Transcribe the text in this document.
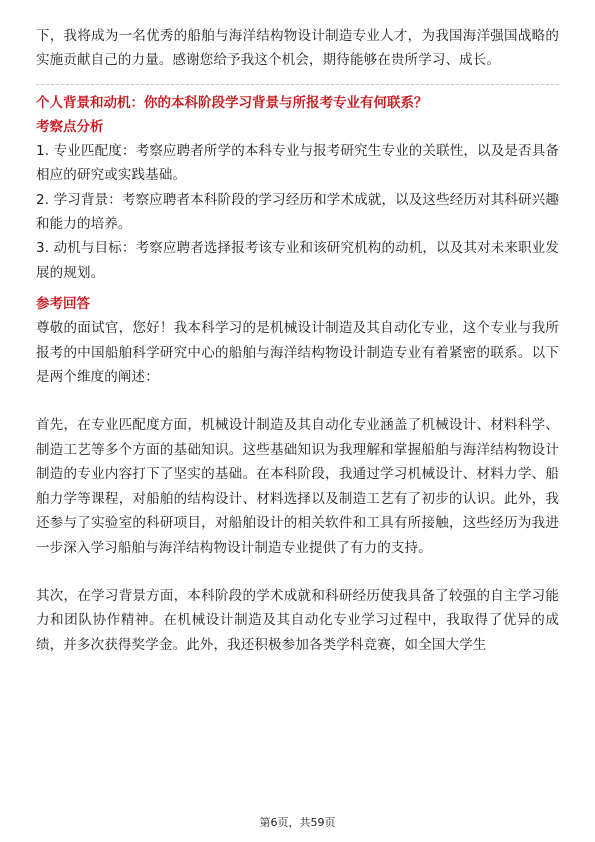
下，我将成为一名优秀的船舶与海洋结构物设计制造专业人才，为我国海洋强国战略的实施贡献自己的力量。感谢您给予我这个机会，期待能够在贵所学习、成长。

个人背景和动机：你的本科阶段学习背景与所报考专业有何联系？

考察点分析

1. 专业匹配度：考察应聘者所学的本科专业与报考研究生专业的关联性，以及是否具备相应的研究或实践基础。

2. 学习背景：考察应聘者本科阶段的学习经历和学术成就，以及这些经历对其科研兴趣和能力的培养。

3. 动机与目标：考察应聘者选择报考该专业和该研究机构的动机，以及其对未来职业发展的规划。

参考回答

尊敬的面试官，您好！我本科学习的是机械设计制造及其自动化专业，这个专业与我所报考的中国船舶科学研究中心的船舶与海洋结构物设计制造专业有着紧密的联系。以下是两个维度的阐述：

首先，在专业匹配度方面，机械设计制造及其自动化专业涵盖了机械设计、材料科学、制造工艺等多个方面的基础知识。这些基础知识为我理解和掌握船舶与海洋结构物设计制造的专业内容打下了坚实的基础。在本科阶段，我通过学习机械设计、材料力学、船舶力学等课程，对船舶的结构设计、材料选择以及制造工艺有了初步的认识。此外，我还参与了实验室的科研项目，对船舶设计的相关软件和工具有所接触，这些经历为我进一步深入学习船舶与海洋结构物设计制造专业提供了有力的支持。

其次，在学习背景方面，本科阶段的学术成就和科研经历使我具备了较强的自主学习能力和团队协作精神。在机械设计制造及其自动化专业学习过程中，我取得了优异的成绩，并多次获得奖学金。此外，我还积极参加各类学科竞赛，如全国大学生

第6页，共59页
